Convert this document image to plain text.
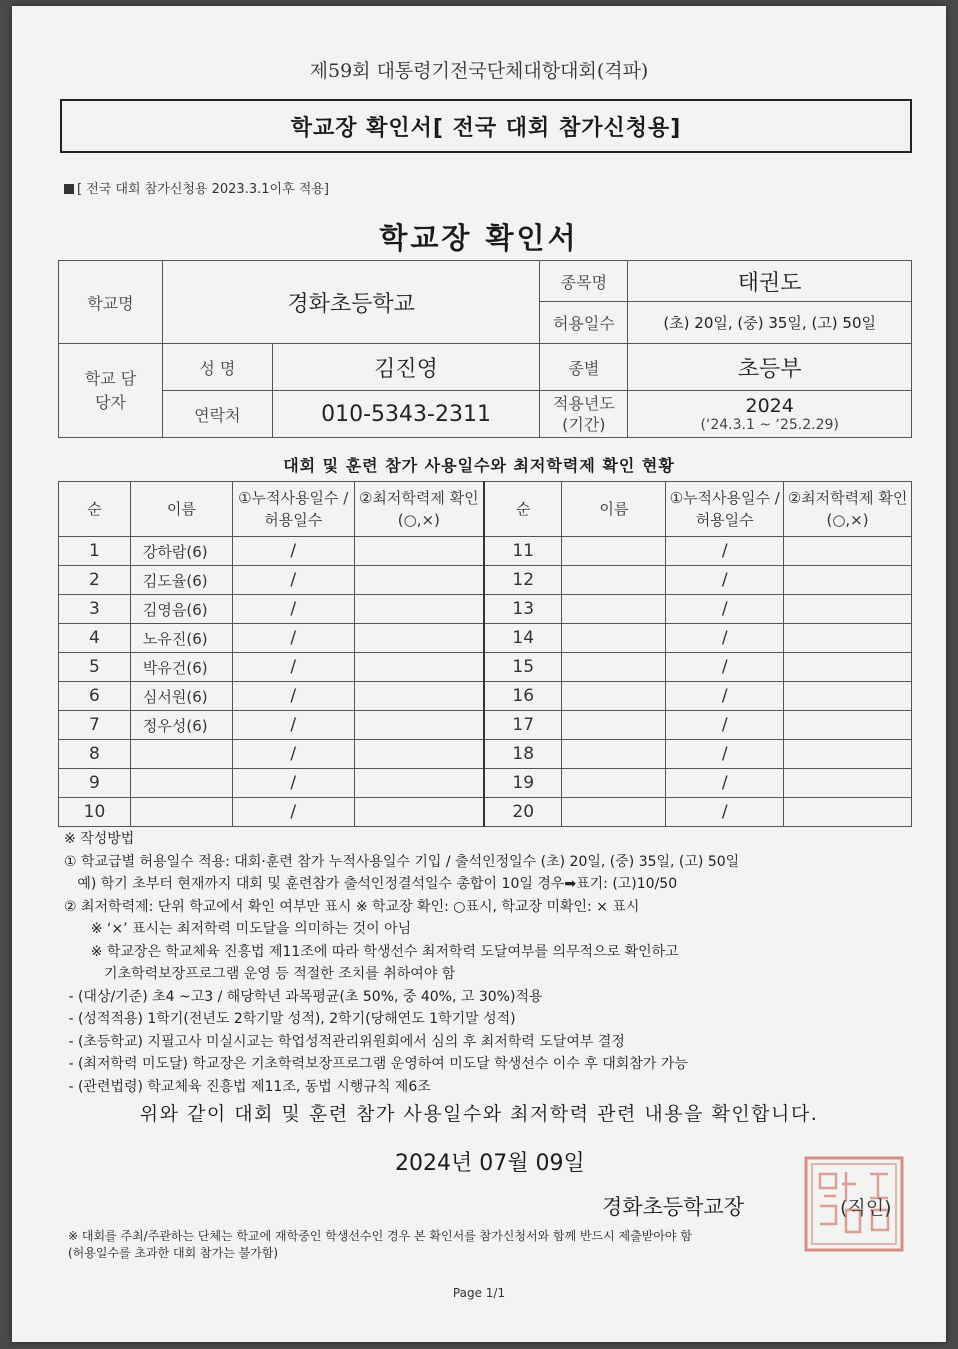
제59회 대통령기전국단체대항대회(격파)
학교장 확인서[ 전국 대회 참가신청용]
[ 전국 대회 참가신청용 2023.3.1이후 적용]
학교장 확인서
학교명	경화초등학교		종목명	태권도
			허용일수	(초) 20일, (중) 35일, (고) 50일
학교 담당자	성 명	김진영	종별	초등부
	연락처	010-5343-2311	적용년도 (기간)	2024
(‘24.3.1 ~ ‘25.2.29)
대회 및 훈련 참가 사용일수와 최저학력제 확인 현황
순	이름	①누적사용일수 /허용일수	②최저학력제 확인(○,×)	순	이름	①누적사용일수 /허용일수	②최저학력제 확인(○,×)
1	강하람(6)	/		11		/	
2	김도율(6)	/		12		/	
3	김영음(6)	/		13		/	
4	노유진(6)	/		14		/	
5	박유건(6)	/		15		/	
6	심서원(6)	/		16		/	
7	정우성(6)	/		17		/	
8		/		18		/	
9		/		19		/	
10		/		20		/	
※ 작성방법
① 학교급별 허용일수 적용: 대회·훈련 참가 누적사용일수 기입 / 출석인정일수 (초) 20일, (중) 35일, (고) 50일
예) 학기 초부터 현재까지 대회 및 훈련참가 출석인정결석일수 총합이 10일 경우➡표기: (고)10/50
② 최저학력제: 단위 학교에서 확인 여부만 표시 ※ 학교장 확인: ○표시, 학교장 미확인: × 표시
※ ‘×’ 표시는 최저학력 미도달을 의미하는 것이 아님
※ 학교장은 학교체육 진흥법 제11조에 따라 학생선수 최저학력 도달여부를 의무적으로 확인하고
기초학력보장프로그램 운영 등 적절한 조치를 취하여야 함
- (대상/기준) 초4 ~고3 / 해당학년 과목평균(초 50%, 중 40%, 고 30%)적용
- (성적적용) 1학기(전년도 2학기말 성적), 2학기(당해연도 1학기말 성적)
- (초등학교) 지필고사 미실시교는 학업성적관리위원회에서 심의 후 최저학력 도달여부 결정
- (최저학력 미도달) 학교장은 기초학력보장프로그램 운영하여 미도달 학생선수 이수 후 대회참가 가능
- (관련법령) 학교체육 진흥법 제11조, 동법 시행규칙 제6조
위와 같이 대회 및 훈련 참가 사용일수와 최저학력 관련 내용을 확인합니다.
2024년 07월 09일
경화초등학교장	(직인)
※ 대회를 주최/주관하는 단체는 학교에 재학중인 학생선수인 경우 본 확인서를 참가신청서와 함께 반드시 제출받아야 함
(허용일수를 초과한 대회 참가는 불가함)
Page 1/1
